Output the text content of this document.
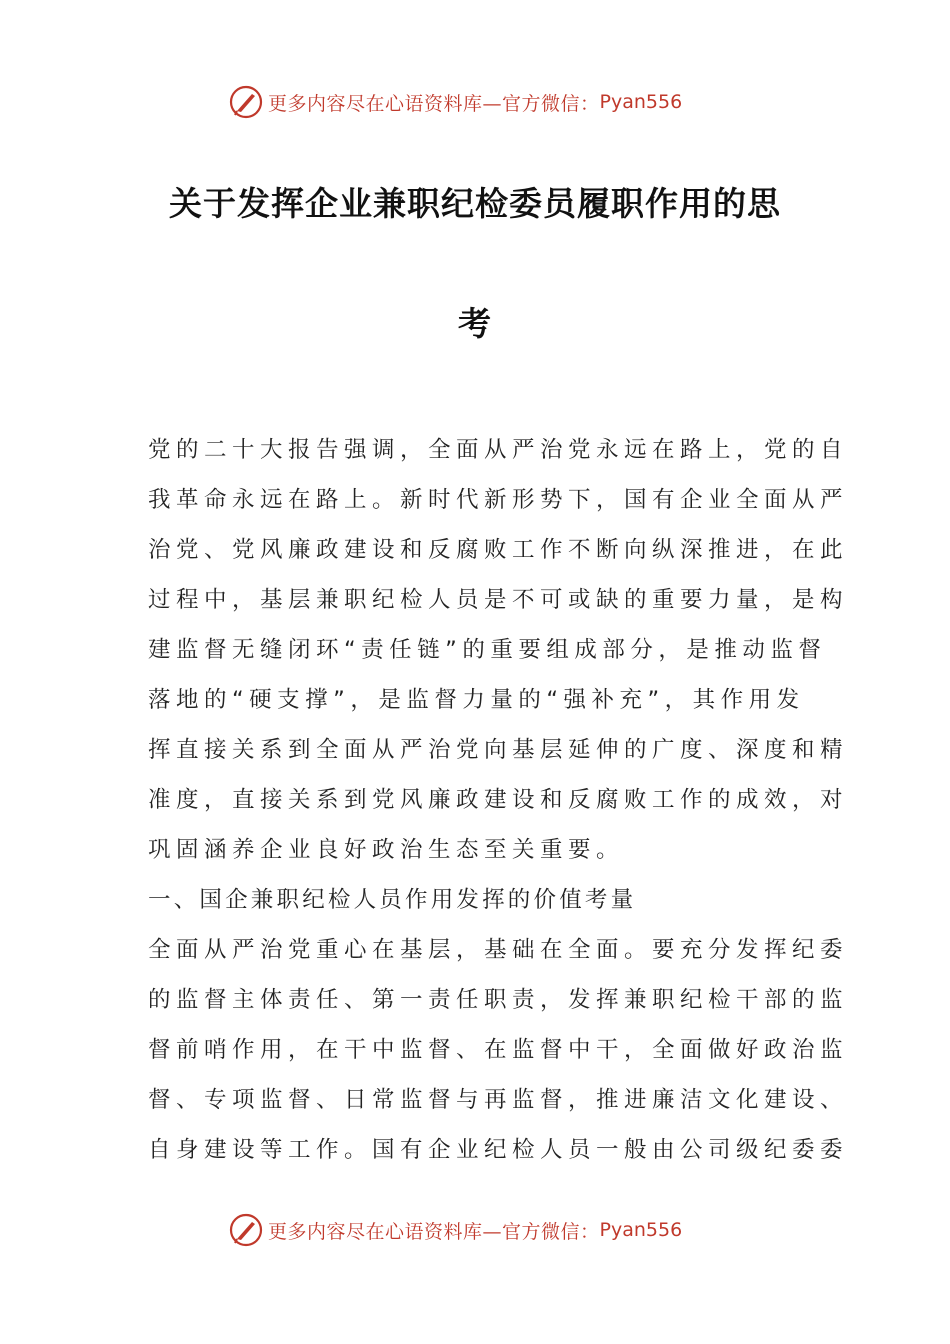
更多内容尽在心语资料库—官方微信： Pyan556
关于发挥企业兼职纪检委员履职作用的思
考
党的二十大报告强调，全面从严治党永远在路上，党的自
我革命永远在路上。新时代新形势下，国有企业全面从严
治党、党风廉政建设和反腐败工作不断向纵深推进，在此
过程中，基层兼职纪检人员是不可或缺的重要力量，是构
建监督无缝闭环“责任链”的重要组成部分，是推动监督
落地的“硬支撑”，是监督力量的“强补充”，其作用发
挥直接关系到全面从严治党向基层延伸的广度、深度和精
准度，直接关系到党风廉政建设和反腐败工作的成效，对
巩固涵养企业良好政治生态至关重要。
一、国企兼职纪检人员作用发挥的价值考量
全面从严治党重心在基层，基础在全面。要充分发挥纪委
的监督主体责任、第一责任职责，发挥兼职纪检干部的监
督前哨作用，在干中监督、在监督中干，全面做好政治监
督、专项监督、日常监督与再监督，推进廉洁文化建设、
自身建设等工作。国有企业纪检人员一般由公司级纪委委
更多内容尽在心语资料库—官方微信： Pyan556
